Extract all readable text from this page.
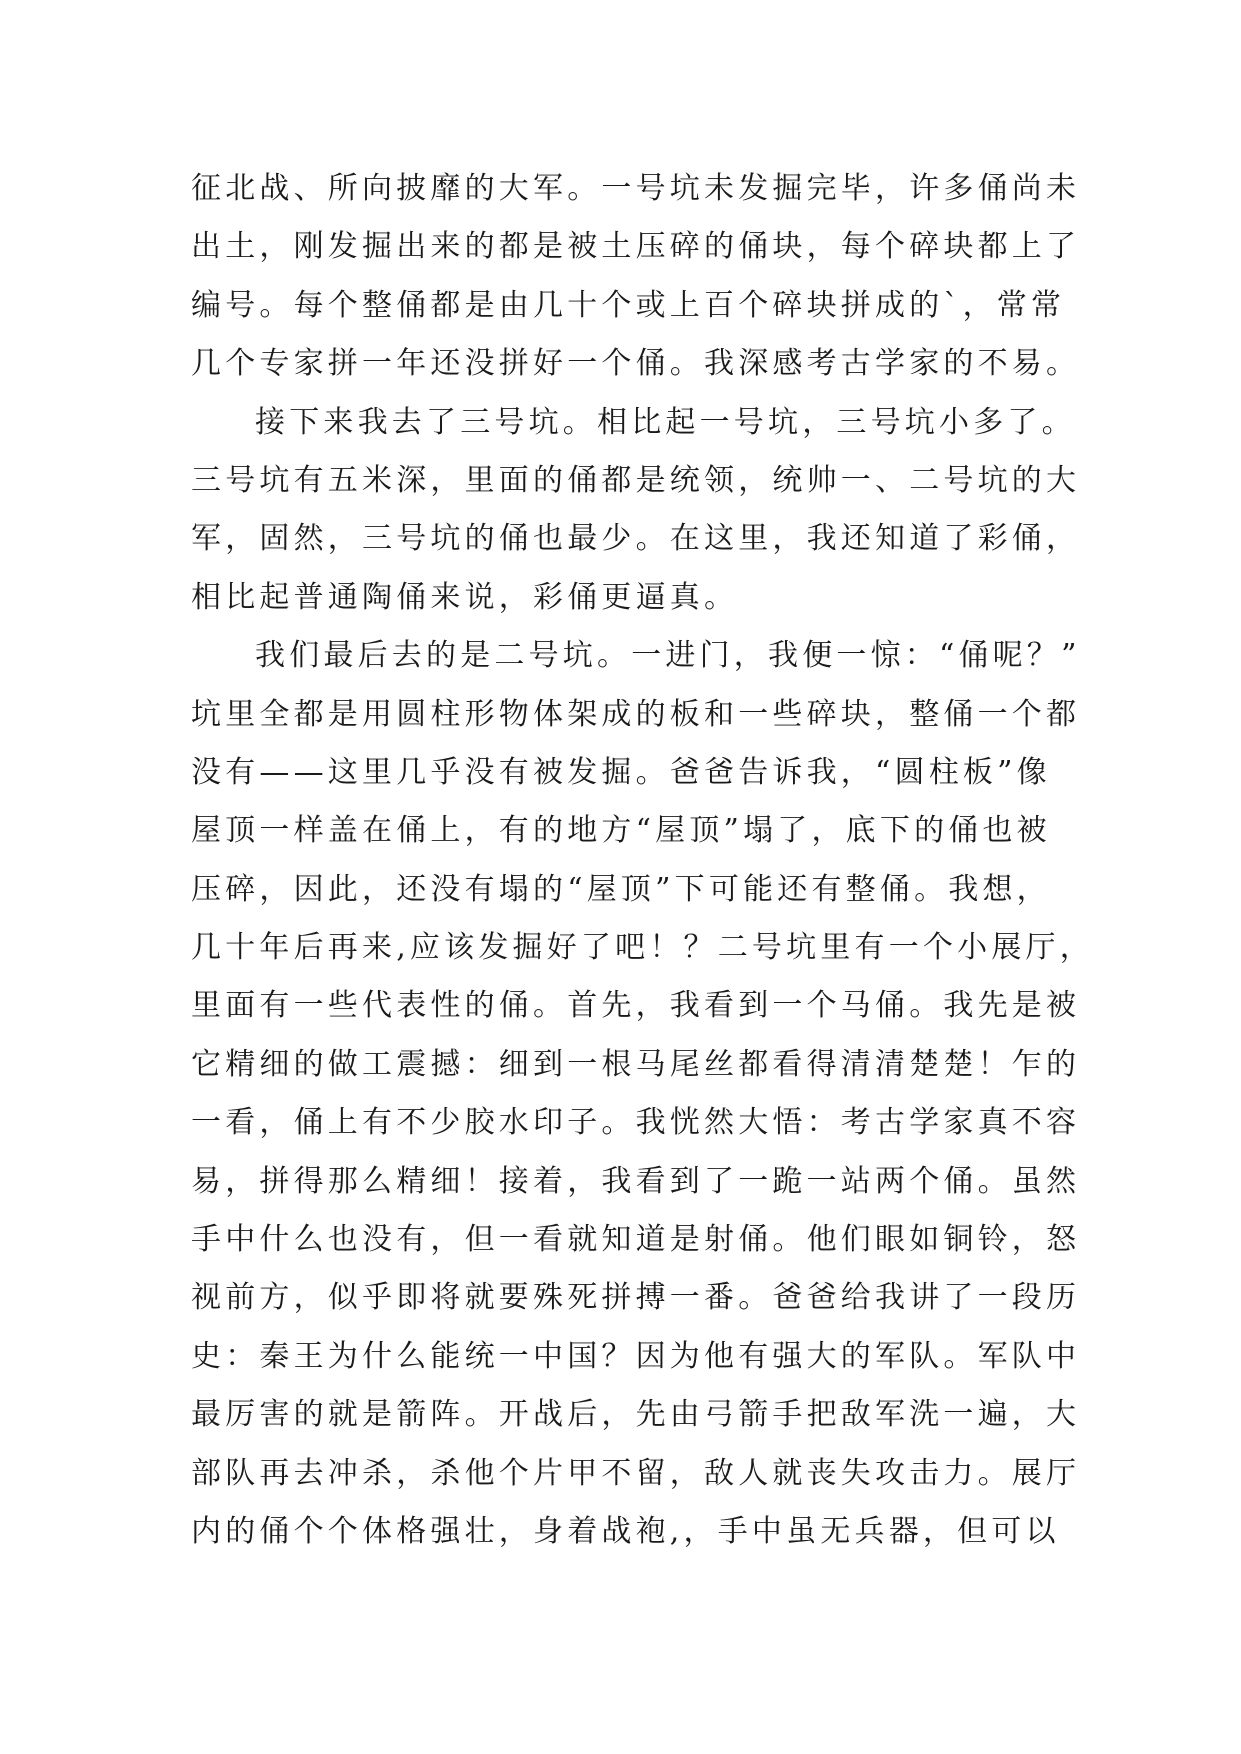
征北战、所向披靡的大军。一号坑未发掘完毕，许多俑尚未
出土，刚发掘出来的都是被土压碎的俑块，每个碎块都上了
编号。每个整俑都是由几十个或上百个碎块拼成的`，常常
几个专家拼一年还没拼好一个俑。我深感考古学家的不易。
接下来我去了三号坑。相比起一号坑，三号坑小多了。
三号坑有五米深，里面的俑都是统领，统帅一、二号坑的大
军，固然，三号坑的俑也最少。在这里，我还知道了彩俑，
相比起普通陶俑来说，彩俑更逼真。
我们最后去的是二号坑。一进门，我便一惊：“俑呢？”
坑里全都是用圆柱形物体架成的板和一些碎块，整俑一个都
没有——这里几乎没有被发掘。爸爸告诉我，“圆柱板”像
屋顶一样盖在俑上，有的地方“屋顶”塌了，底下的俑也被
压碎，因此，还没有塌的“屋顶”下可能还有整俑。我想，
几十年后再来,应该发掘好了吧！？二号坑里有一个小展厅，
里面有一些代表性的俑。首先，我看到一个马俑。我先是被
它精细的做工震撼：细到一根马尾丝都看得清清楚楚！乍的
一看，俑上有不少胶水印子。我恍然大悟：考古学家真不容
易，拼得那么精细！接着，我看到了一跪一站两个俑。虽然
手中什么也没有，但一看就知道是射俑。他们眼如铜铃，怒
视前方，似乎即将就要殊死拼搏一番。爸爸给我讲了一段历
史：秦王为什么能统一中国？因为他有强大的军队。军队中
最厉害的就是箭阵。开战后，先由弓箭手把敌军洗一遍，大
部队再去冲杀，杀他个片甲不留，敌人就丧失攻击力。展厅
内的俑个个体格强壮，身着战袍,，手中虽无兵器，但可以
